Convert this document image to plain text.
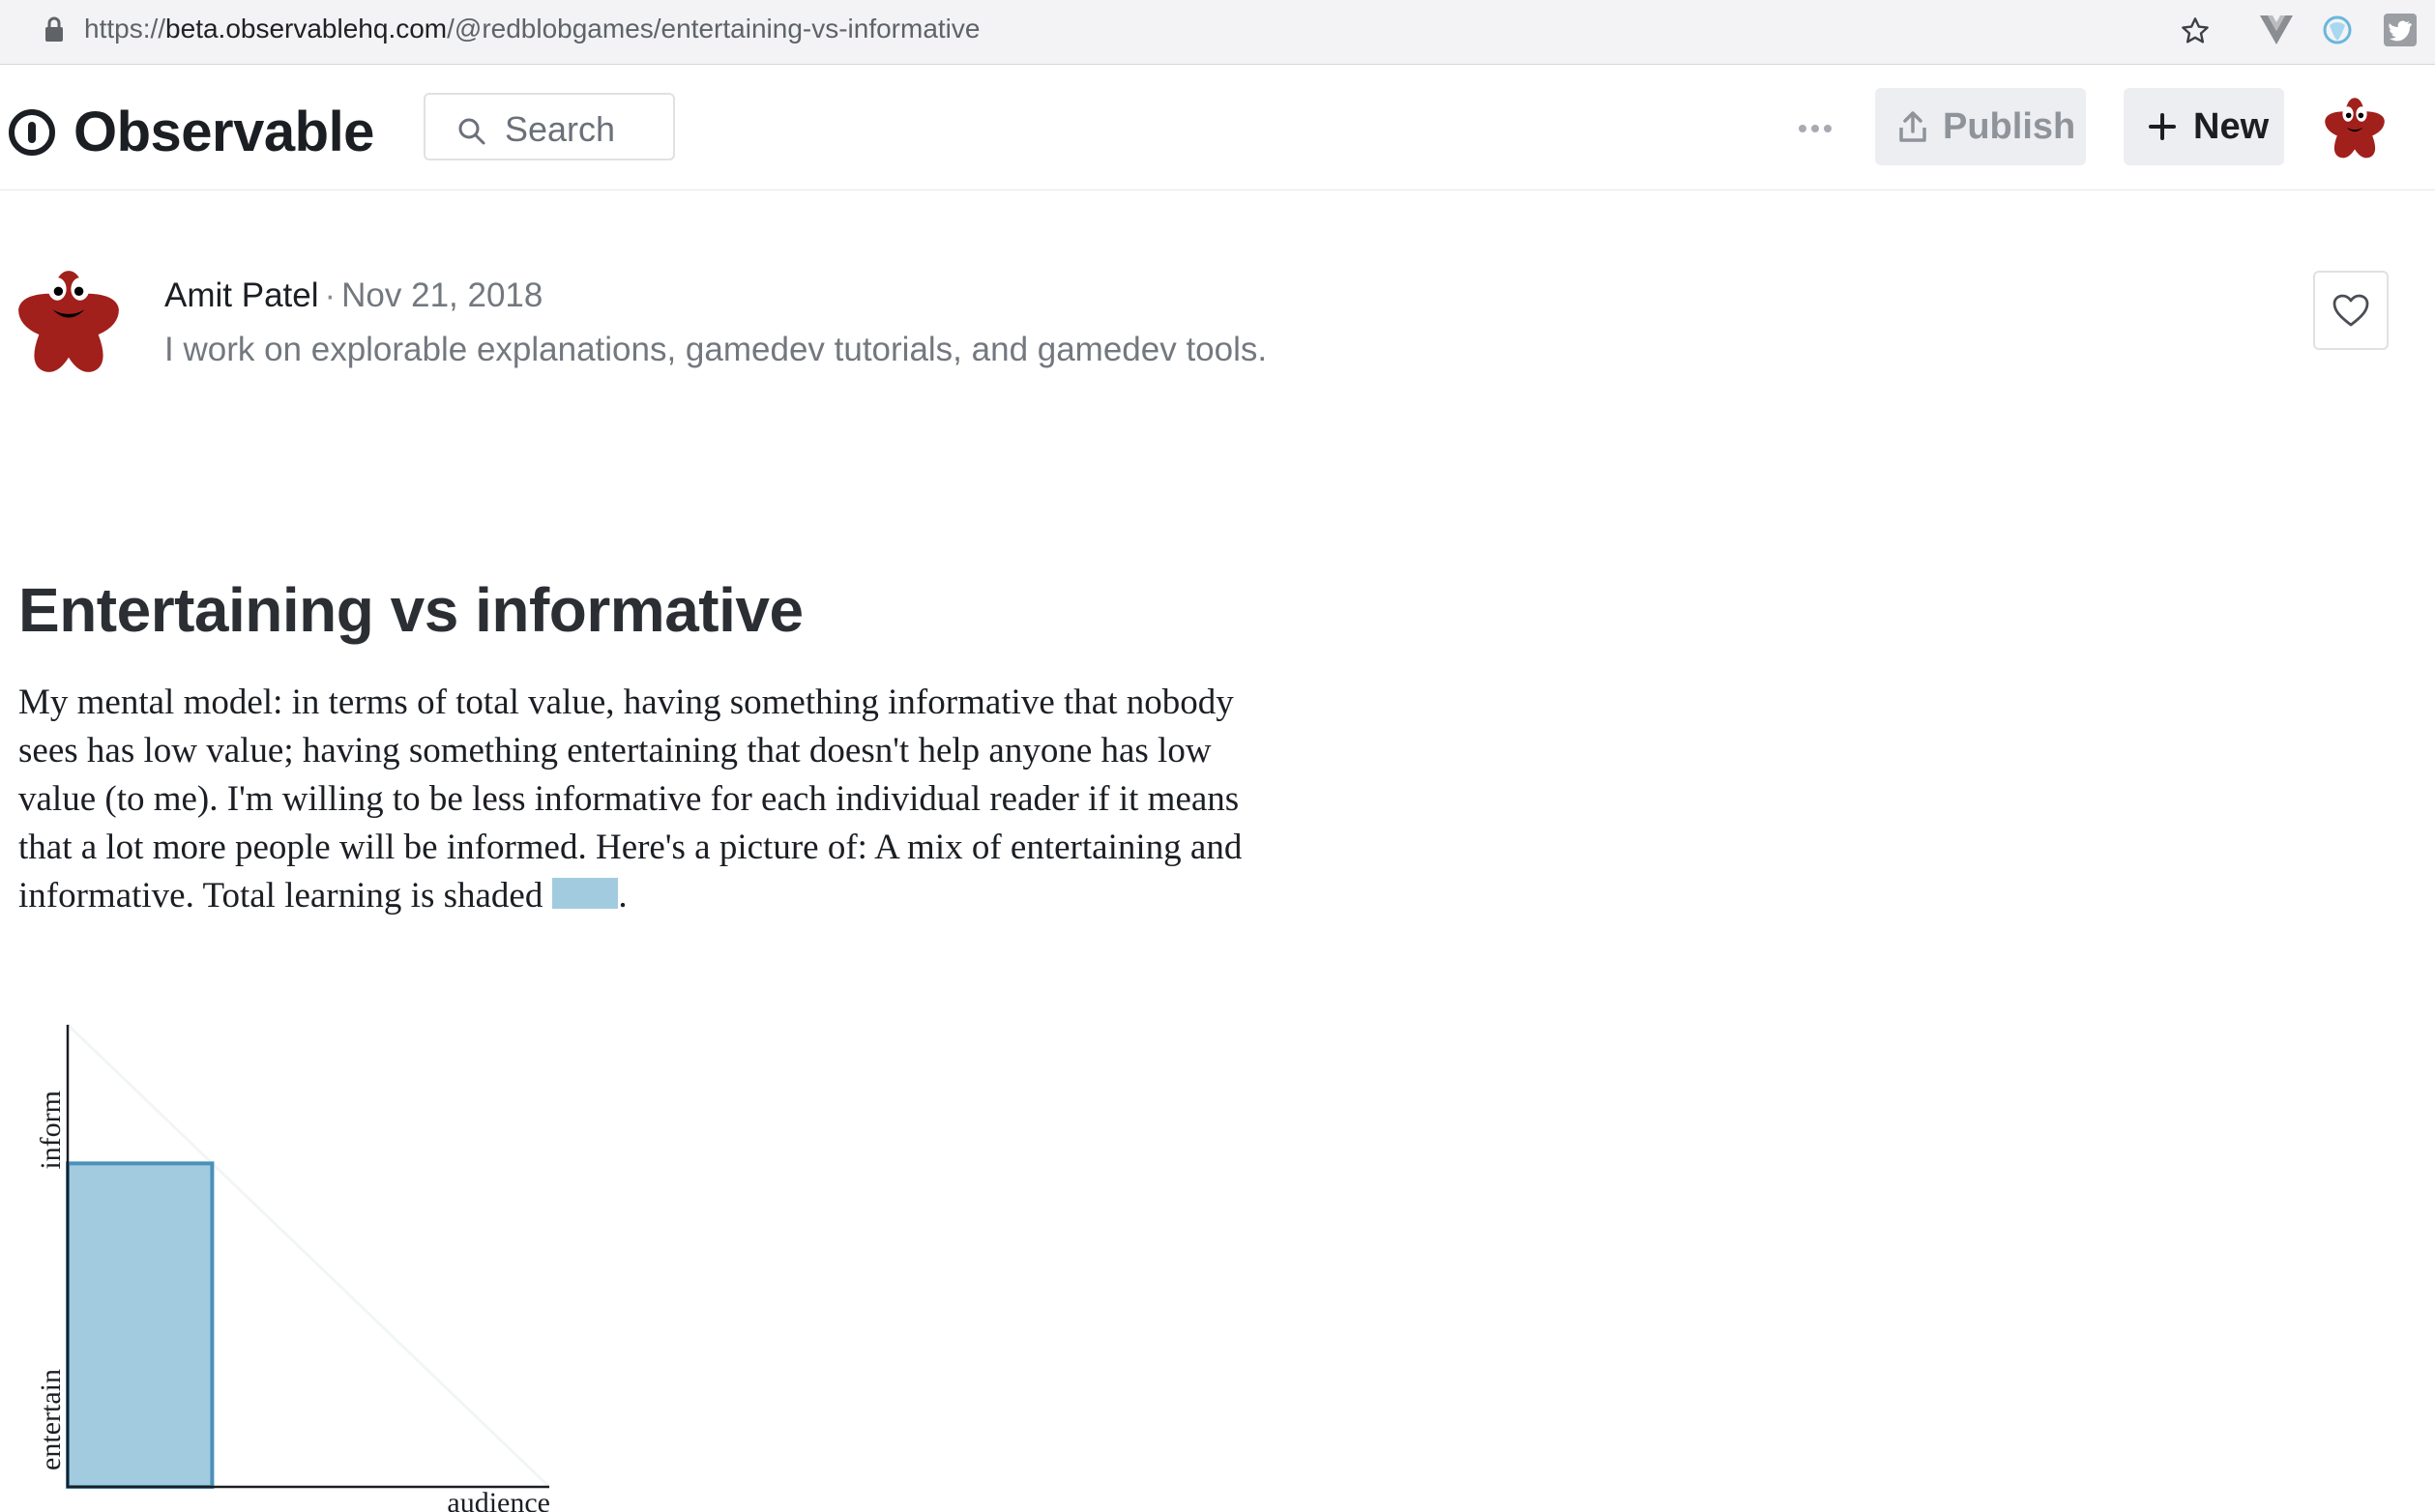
https://beta.observablehq.com/@redblobgames/entertaining-vs-informative
Observable	Search	Publish	New
Amit Patel · Nov 21, 2018
I work on explorable explanations, gamedev tutorials, and gamedev tools.
Entertaining vs informative

My mental model: in terms of total value, having something informative that nobody sees has low value; having something entertaining that doesn't help anyone has low value (to me). I'm willing to be less informative for each individual reader if it means that a lot more people will be informed. Here's a picture of: A mix of entertaining and informative. Total learning is shaded .

inform
entertain
audience
